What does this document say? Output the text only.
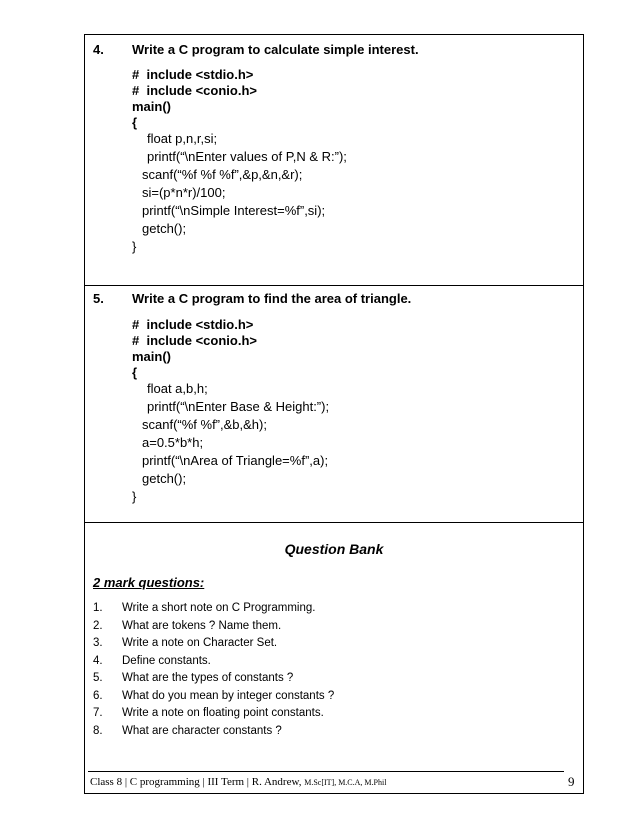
4. Write a C program to calculate simple interest.
#  include <stdio.h>
#  include <conio.h>
main()
{
float p,n,r,si;
printf(“\nEnter values of P,N & R:”);
scanf(“%f %f %f”,&p,&n,&r);
si=(p*n*r)/100;
printf(“\nSimple Interest=%f”,si);
getch();
}
5. Write a C program to find the area of triangle.
#  include <stdio.h>
#  include <conio.h>
main()
{
float a,b,h;
printf(“\nEnter Base & Height:”);
scanf(“%f %f”,&b,&h);
a=0.5*b*h;
printf(“\nArea of Triangle=%f”,a);
getch();
}
Question Bank
2 mark questions:
1.	Write a short note on C Programming.
2.	What are tokens ? Name them.
3.	Write a note on Character Set.
4.	Define constants.
5.	What are the types of constants ?
6.	What do you mean by integer constants ?
7.	Write a note on floating point constants.
8.	What are character constants ?
Class 8 | C programming | III Term | R. Andrew, M.Sc[IT], M.C.A, M.Phil	9
